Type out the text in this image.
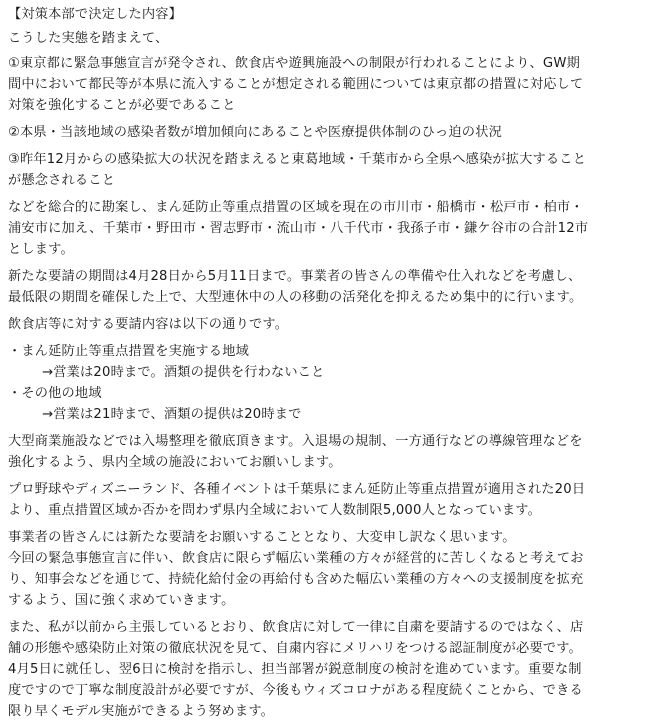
【対策本部で決定した内容】

こうした実態を踏まえて、

①東京都に緊急事態宣言が発令され、飲食店や遊興施設への制限が行われることにより、GW期
間中において都民等が本県に流入することが想定される範囲については東京都の措置に対応して
対策を強化することが必要であること

②本県・当該地域の感染者数が増加傾向にあることや医療提供体制のひっ迫の状況

③昨年12月からの感染拡大の状況を踏まえると東葛地域・千葉市から全県へ感染が拡大すること
が懸念されること

などを総合的に勘案し、まん延防止等重点措置の区域を現在の市川市・船橋市・松戸市・柏市・
浦安市に加え、千葉市・野田市・習志野市・流山市・八千代市・我孫子市・鎌ケ谷市の合計12市
とします。

新たな要請の期間は4月28日から5月11日まで。事業者の皆さんの準備や仕入れなどを考慮し、
最低限の期間を確保した上で、大型連休中の人の移動の活発化を抑えるため集中的に行います。

飲食店等に対する要請内容は以下の通りです。

・まん延防止等重点措置を実施する地域

→営業は20時まで。酒類の提供を行わないこと

・その他の地域

→営業は21時まで、酒類の提供は20時まで

大型商業施設などでは入場整理を徹底頂きます。入退場の規制、一方通行などの導線管理などを
強化するよう、県内全域の施設においてお願いします。

プロ野球やディズニーランド、各種イベントは千葉県にまん延防止等重点措置が適用された20日
より、重点措置区域か否かを問わず県内全域において人数制限5,000人となっています。

事業者の皆さんには新たな要請をお願いすることとなり、大変申し訳なく思います。

今回の緊急事態宣言に伴い、飲食店に限らず幅広い業種の方々が経営的に苦しくなると考えてお
り、知事会などを通じて、持続化給付金の再給付も含めた幅広い業種の方々への支援制度を拡充
するよう、国に強く求めていきます。

また、私が以前から主張しているとおり、飲食店に対して一律に自粛を要請するのではなく、店
舗の形態や感染防止対策の徹底状況を見て、自粛内容にメリハリをつける認証制度が必要です。

4月5日に就任し、翌6日に検討を指示し、担当部署が鋭意制度の検討を進めています。重要な制
度ですので丁寧な制度設計が必要ですが、今後もウィズコロナがある程度続くことから、できる
限り早くモデル実施ができるよう努めます。
